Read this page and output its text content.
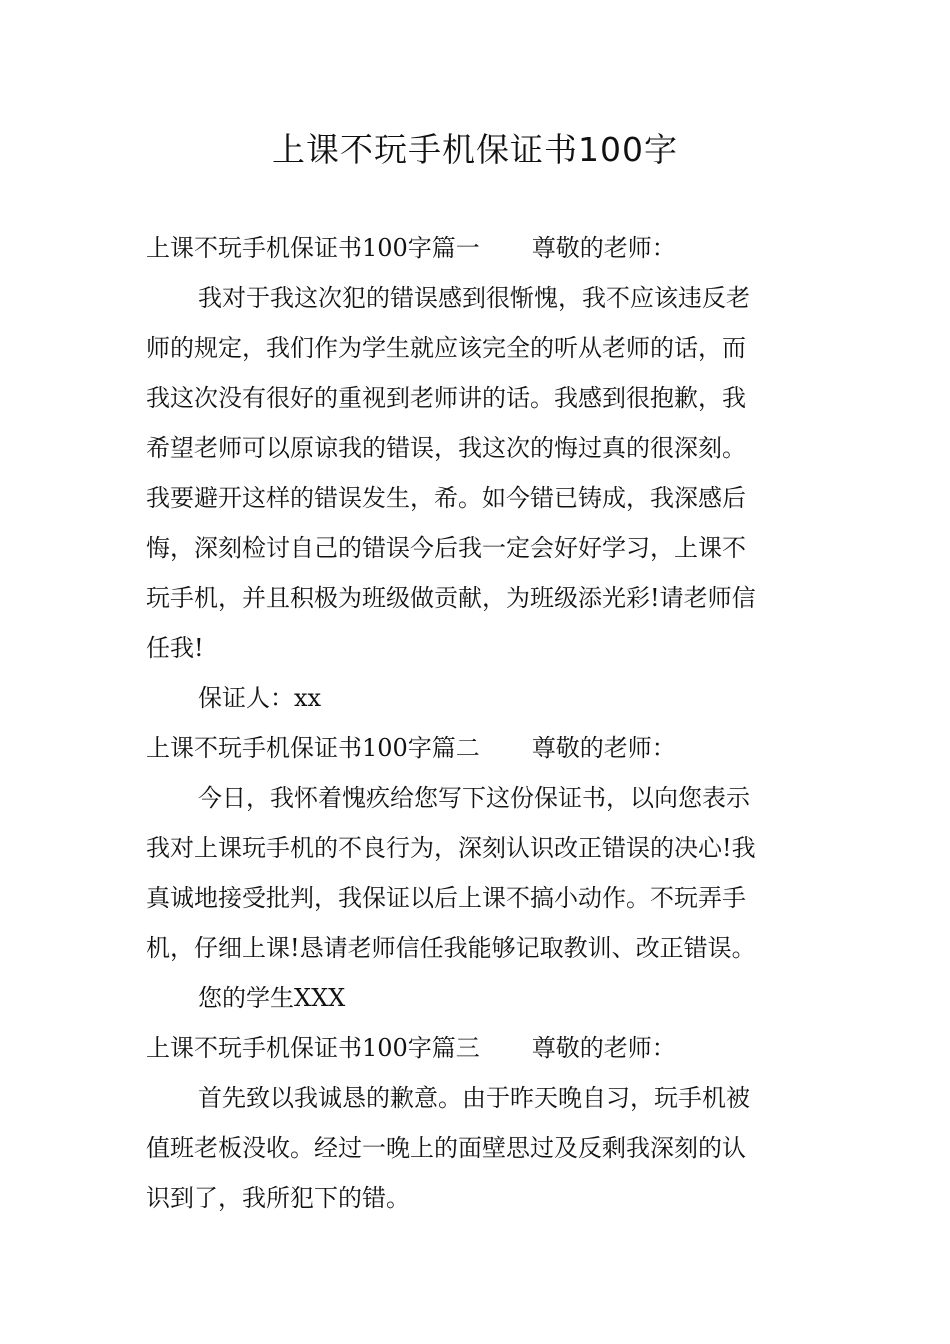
上课不玩手机保证书100字
上课不玩手机保证书100字篇一 尊敬的老师：
我对于我这次犯的错误感到很惭愧，我不应该违反老
师的规定，我们作为学生就应该完全的听从老师的话，而
我这次没有很好的重视到老师讲的话。我感到很抱歉，我
希望老师可以原谅我的错误，我这次的悔过真的很深刻。
我要避开这样的错误发生，希。如今错已铸成，我深感后
悔，深刻检讨自己的错误今后我一定会好好学习，上课不
玩手机，并且积极为班级做贡献，为班级添光彩!请老师信
任我!
保证人：xx
上课不玩手机保证书100字篇二 尊敬的老师：
今日，我怀着愧疚给您写下这份保证书，以向您表示
我对上课玩手机的不良行为，深刻认识改正错误的决心!我
真诚地接受批判，我保证以后上课不搞小动作。不玩弄手
机，仔细上课!恳请老师信任我能够记取教训、改正错误。
您的学生XXX
上课不玩手机保证书100字篇三 尊敬的老师：
首先致以我诚恳的歉意。由于昨天晚自习，玩手机被
值班老板没收。经过一晚上的面壁思过及反剩我深刻的认
识到了，我所犯下的错。
